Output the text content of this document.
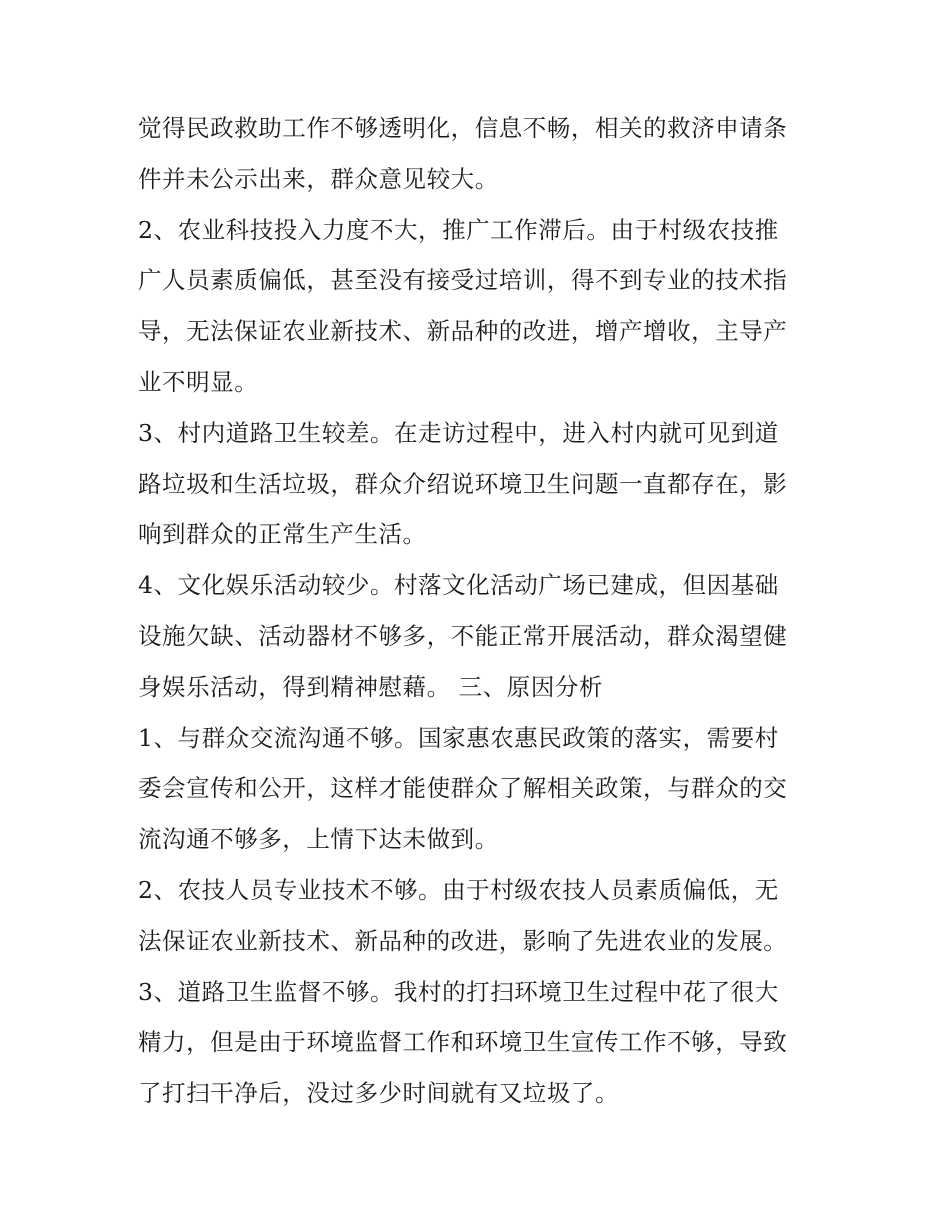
觉得民政救助工作不够透明化，信息不畅，相关的救济申请条
件并未公示出来，群众意见较大。
2、农业科技投入力度不大，推广工作滞后。由于村级农技推
广人员素质偏低，甚至没有接受过培训，得不到专业的技术指
导，无法保证农业新技术、新品种的改进，增产增收，主导产
业不明显。
3、村内道路卫生较差。在走访过程中，进入村内就可见到道
路垃圾和生活垃圾，群众介绍说环境卫生问题一直都存在，影
响到群众的正常生产生活。
4、文化娱乐活动较少。村落文化活动广场已建成，但因基础
设施欠缺、活动器材不够多，不能正常开展活动，群众渴望健
身娱乐活动，得到精神慰藉。 三、原因分析
1、与群众交流沟通不够。国家惠农惠民政策的落实，需要村
委会宣传和公开，这样才能使群众了解相关政策，与群众的交
流沟通不够多，上情下达未做到。
2、农技人员专业技术不够。由于村级农技人员素质偏低，无
法保证农业新技术、新品种的改进，影响了先进农业的发展。
3、道路卫生监督不够。我村的打扫环境卫生过程中花了很大
精力，但是由于环境监督工作和环境卫生宣传工作不够，导致
了打扫干净后，没过多少时间就有又垃圾了。
